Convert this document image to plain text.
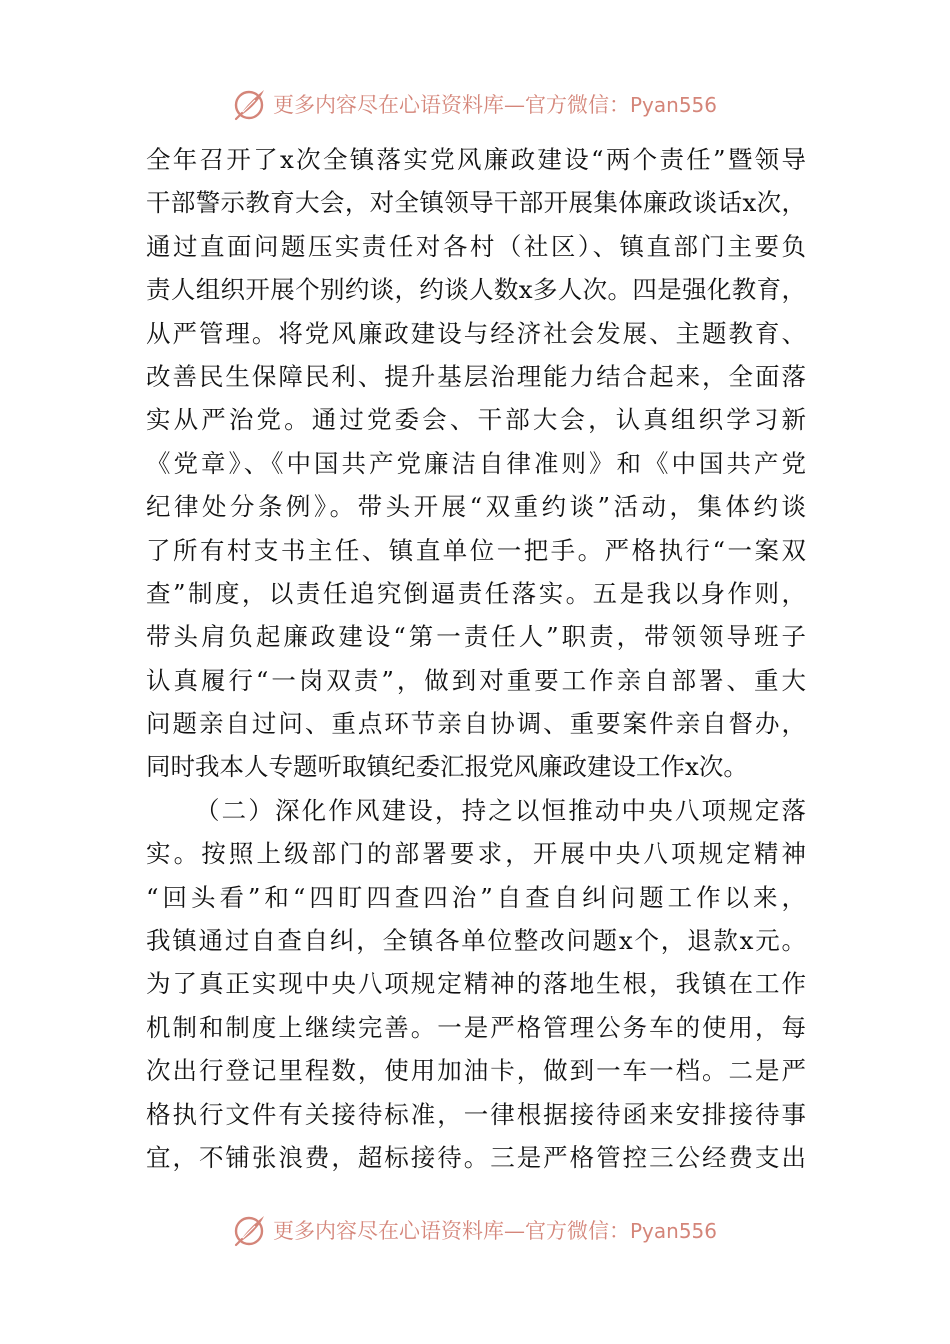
更多内容尽在心语资料库—官方微信：Pyan556
全年召开了x次全镇落实党风廉政建设“两个责任”暨领导
干部警示教育大会，对全镇领导干部开展集体廉政谈话x次，
通过直面问题压实责任对各村（社区）、镇直部门主要负
责人组织开展个别约谈，约谈人数x多人次。四是强化教育，
从严管理。将党风廉政建设与经济社会发展、主题教育、
改善民生保障民利、提升基层治理能力结合起来，全面落
实从严治党。通过党委会、干部大会，认真组织学习新
《党章》、《中国共产党廉洁自律准则》和《中国共产党
纪律处分条例》。带头开展“双重约谈”活动，集体约谈
了所有村支书主任、镇直单位一把手。严格执行“一案双
查”制度，以责任追究倒逼责任落实。五是我以身作则，
带头肩负起廉政建设“第一责任人”职责，带领领导班子
认真履行“一岗双责”，做到对重要工作亲自部署、重大
问题亲自过问、重点环节亲自协调、重要案件亲自督办，
同时我本人专题听取镇纪委汇报党风廉政建设工作x次。
（二）深化作风建设，持之以恒推动中央八项规定落
实。按照上级部门的部署要求，开展中央八项规定精神
“回头看”和“四盯四查四治”自查自纠问题工作以来，
我镇通过自查自纠，全镇各单位整改问题x个，退款x元。
为了真正实现中央八项规定精神的落地生根，我镇在工作
机制和制度上继续完善。一是严格管理公务车的使用，每
次出行登记里程数，使用加油卡，做到一车一档。二是严
格执行文件有关接待标准，一律根据接待函来安排接待事
宜，不铺张浪费，超标接待。三是严格管控三公经费支出
更多内容尽在心语资料库—官方微信：Pyan556
